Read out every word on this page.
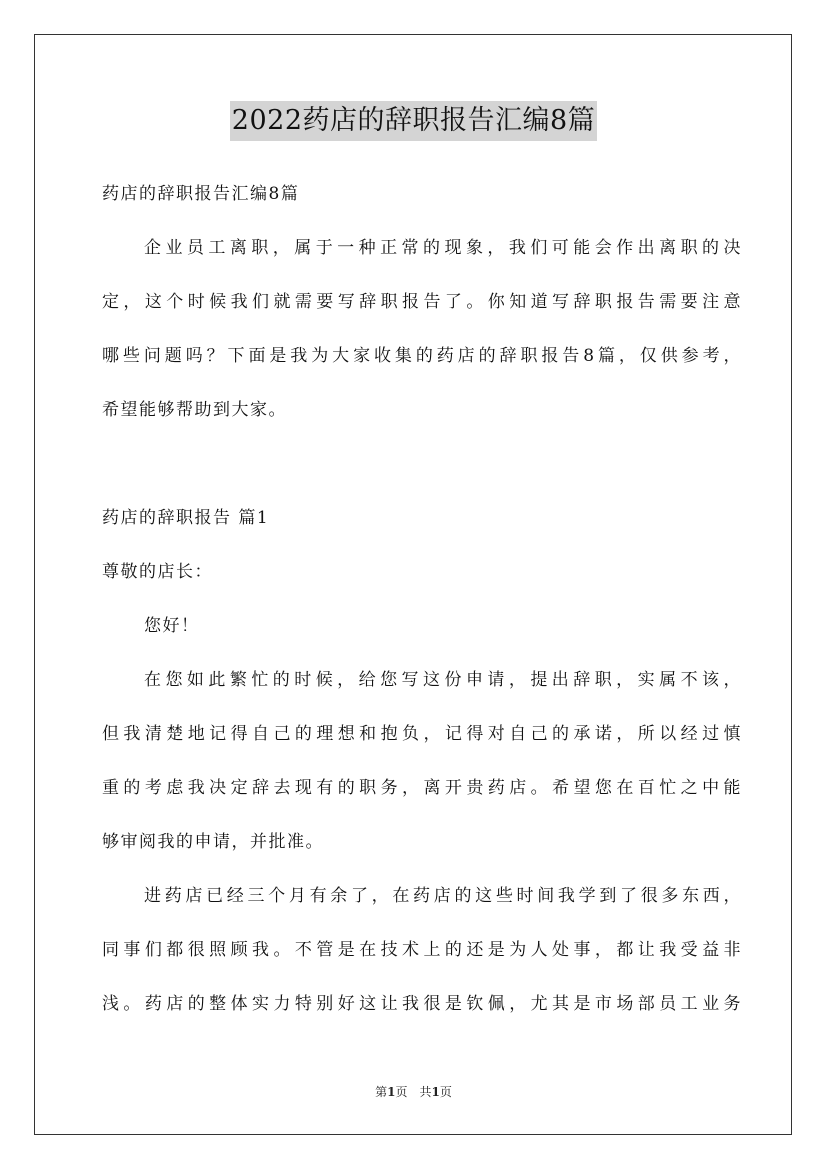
2022药店的辞职报告汇编8篇
药店的辞职报告汇编8篇
企业员工离职，属于一种正常的现象，我们可能会作出离职的决
定，这个时候我们就需要写辞职报告了。你知道写辞职报告需要注意
哪些问题吗？下面是我为大家收集的药店的辞职报告8篇，仅供参考，
希望能够帮助到大家。
药店的辞职报告 篇1
尊敬的店长：
您好！
在您如此繁忙的时候，给您写这份申请，提出辞职，实属不该，
但我清楚地记得自己的理想和抱负，记得对自己的承诺，所以经过慎
重的考虑我决定辞去现有的职务，离开贵药店。希望您在百忙之中能
够审阅我的申请，并批准。
进药店已经三个月有余了，在药店的这些时间我学到了很多东西，
同事们都很照顾我。不管是在技术上的还是为人处事，都让我受益非
浅。药店的整体实力特别好这让我很是钦佩，尤其是市场部员工业务
第1页　共1页
